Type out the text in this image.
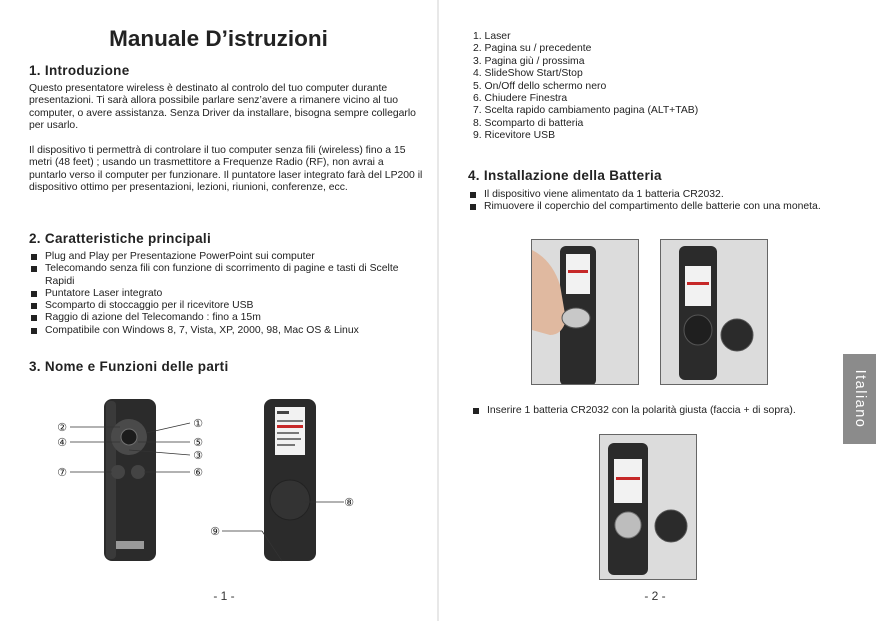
Manuale D’istruzioni
1. Introduzione

Questo presentatore wireless è destinato al controlo del tuo computer durante presentazioni. Ti sarà allora possibile parlare senz’avere a rimanere vicino al tuo computer, o avere assistanza. Senza Driver da installare, bisogna sempre collegarlo per usarlo.

Il dispositivo ti permettrà di controlare il tuo computer senza fili (wireless) fino a 15 metri (48 feet) ; usando un trasmettitore a Frequenze Radio (RF), non avrai a puntarlo verso il computer per funzionare. Il puntatore laser integrato farà del LP200 il dispositivo ottimo per presentazioni, lezioni, riunioni, conferenze, ecc.

2. Caratteristiche principali
Plug and Play per Presentazione PowerPoint sui computer
Telecomando senza fili con funzione di scorrimento di pagine e tasti di Scelte Rapidi
Puntatore Laser integrato
Scomparto di stoccaggio per il ricevitore USB
Raggio di azione del Telecomando : fino a 15m
Compatibile con Windows 8, 7, Vista, XP, 2000, 98, Mac OS & Linux
3. Nome e Funzioni delle parti
②
④
⑦
①
⑤
③
⑥
⑧
⑨
- 1 -
1. Laser
2. Pagina su / precedente
3. Pagina giù / prossima
4. SlideShow Start/Stop
5. On/Off dello schermo nero
6. Chiudere Finestra
7. Scelta rapido cambiamento pagina (ALT+TAB)
8. Scomparto di batteria
9. Ricevitore USB
4. Installazione della Batteria
Il dispositivo viene alimentato da 1 batteria CR2032.
Rimuovere il coperchio del compartimento delle batterie con una moneta.
Inserire 1 batteria CR2032 con la polarità giusta (faccia + di sopra).
- 2 -
Italiano
